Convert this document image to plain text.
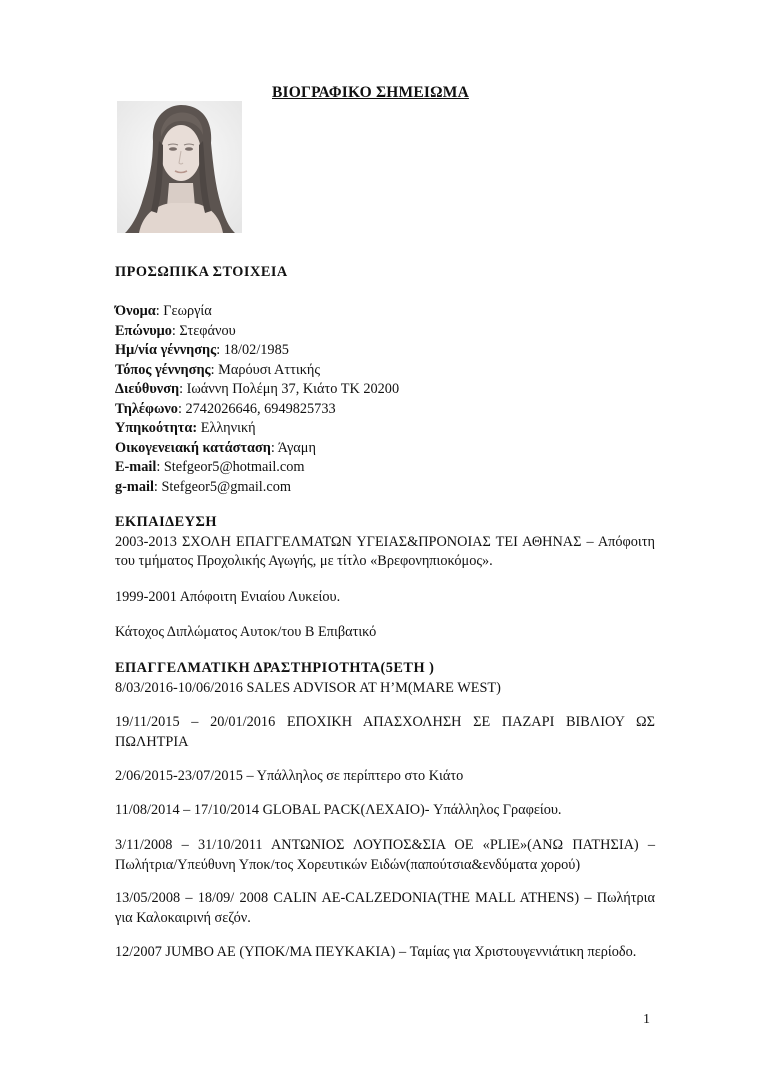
ΒΙΟΓΡΑΦΙΚΟ ΣΗΜΕΙΩΜΑ
ΠΡΟΣΩΠΙΚΑ ΣΤΟΙΧΕΙΑ
Όνομα: Γεωργία
Επώνυμο: Στεφάνου
Ημ/νία γέννησης: 18/02/1985
Τόπος γέννησης: Μαρόυσι Αττικής
Διεύθυνση: Ιωάννη Πολέμη 37, Κιάτο ΤΚ 20200
Τηλέφωνο: 2742026646, 6949825733
Υπηκοότητα: Ελληνική
Οικογενειακή κατάσταση: Άγαμη
E-mail: Stefgeor5@hotmail.com
g-mail: Stefgeor5@gmail.com
ΕΚΠΑΙΔΕΥΣΗ
2003-2013 ΣΧΟΛΗ ΕΠΑΓΓΕΛΜΑΤΩΝ ΥΓΕΙΑΣ&ΠΡΟΝΟΙΑΣ ΤΕΙ ΑΘΗΝΑΣ – Απόφοιτη του τμήματος Προχολικής Αγωγής, με τίτλο «Βρεφονηπιοκόμος».
1999-2001 Απόφοιτη Ενιαίου Λυκείου.
Κάτοχος Διπλώματος Αυτοκ/του Β Επιβατικό
ΕΠΑΓΓΕΛΜΑΤΙΚΗ ΔΡΑΣΤΗΡΙΟΤΗΤΑ(5ΕΤΗ )
8/03/2016-10/06/2016 SALES ADVISOR AT H’M(MARE WEST)
19/11/2015 – 20/01/2016 ΕΠΟΧΙΚΗ ΑΠΑΣΧΟΛΗΣΗ ΣΕ ΠΑΖΑΡΙ ΒΙΒΛΙΟΥ ΩΣ ΠΩΛΗΤΡΙΑ
2/06/2015-23/07/2015 – Υπάλληλος σε περίπτερο στο Κιάτο
11/08/2014 – 17/10/2014 GLOBAL PACK(ΛΕΧΑΙΟ)- Υπάλληλος Γραφείου.
3/11/2008 – 31/10/2011 ΑΝΤΩΝΙΟΣ ΛΟΥΠΟΣ&ΣΙΑ ΟΕ «PLIE»(ΑΝΩ ΠΑΤΗΣΙΑ) – Πωλήτρια/Υπεύθυνη Υποκ/τος Χορευτικών Ειδών(παπούτσια&ενδύματα χορού)
13/05/2008 – 18/09/ 2008 CALIN AE-CALZEDONIA(THE MALL ATHENS) – Πωλήτρια για Καλοκαιρινή σεζόν.
12/2007 JUMBO AE (ΥΠΟΚ/ΜΑ ΠΕΥΚΑΚΙΑ) – Ταμίας για Χριστουγεννιάτικη περίοδο.
1
